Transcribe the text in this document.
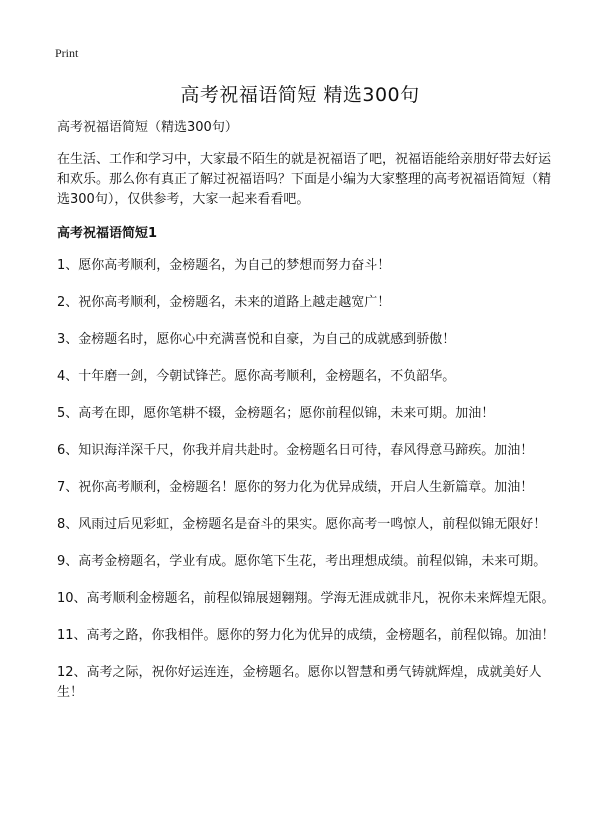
Print
高考祝福语简短 精选300句

高考祝福语简短（精选300句）

在生活、工作和学习中，大家最不陌生的就是祝福语了吧，祝福语能给亲朋好带去好运和欢乐。那么你有真正了解过祝福语吗？下面是小编为大家整理的高考祝福语简短（精选300句），仅供参考，大家一起来看看吧。

高考祝福语简短1

1、愿你高考顺利，金榜题名，为自己的梦想而努力奋斗！
2、祝你高考顺利，金榜题名，未来的道路上越走越宽广！
3、金榜题名时，愿你心中充满喜悦和自豪，为自己的成就感到骄傲！
4、十年磨一剑，今朝试锋芒。愿你高考顺利，金榜题名，不负韶华。
5、高考在即，愿你笔耕不辍，金榜题名；愿你前程似锦，未来可期。加油！
6、知识海洋深千尺，你我并肩共赴时。金榜题名日可待，春风得意马蹄疾。加油！
7、祝你高考顺利，金榜题名！愿你的努力化为优异成绩，开启人生新篇章。加油！
8、风雨过后见彩虹，金榜题名是奋斗的果实。愿你高考一鸣惊人，前程似锦无限好！
9、高考金榜题名，学业有成。愿你笔下生花，考出理想成绩。前程似锦，未来可期。
10、高考顺利金榜题名，前程似锦展翅翱翔。学海无涯成就非凡，祝你未来辉煌无限。
11、高考之路，你我相伴。愿你的努力化为优异的成绩，金榜题名，前程似锦。加油！
12、高考之际，祝你好运连连，金榜题名。愿你以智慧和勇气铸就辉煌，成就美好人生！
